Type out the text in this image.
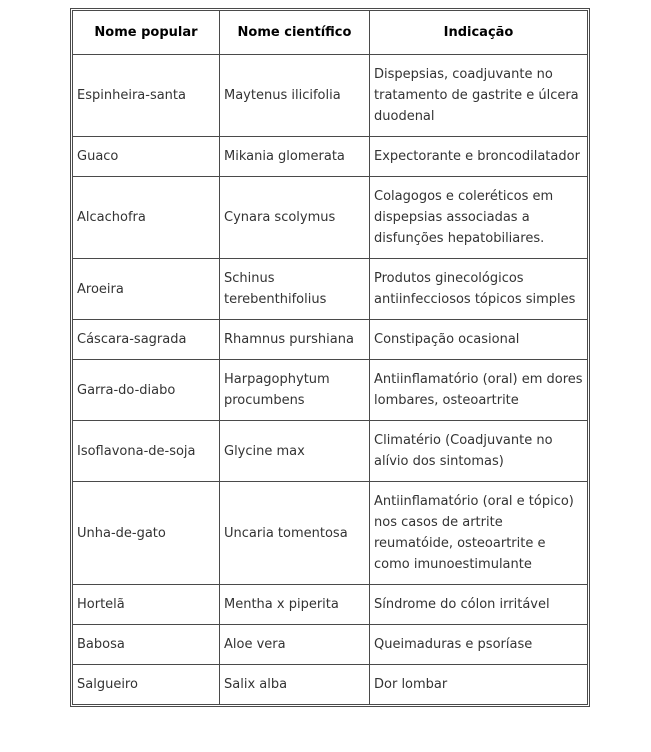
Nome popular	Nome científico	Indicação
Espinheira-santa	Maytenus ilicifolia	Dispepsias, coadjuvante no tratamento de gastrite e úlcera duodenal
Guaco	Mikania glomerata	Expectorante e broncodilatador
Alcachofra	Cynara scolymus	Colagogos e coleréticos em dispepsias associadas a disfunções hepatobiliares.
Aroeira	Schinus terebenthifolius	Produtos ginecológicos antiinfecciosos tópicos simples
Cáscara-sagrada	Rhamnus purshiana	Constipação ocasional
Garra-do-diabo	Harpagophytum procumbens	Antiinflamatório (oral) em dores lombares, osteoartrite
Isoflavona-de-soja	Glycine max	Climatério (Coadjuvante no alívio dos sintomas)
Unha-de-gato	Uncaria tomentosa	Antiinflamatório (oral e tópico) nos casos de artrite reumatóide, osteoartrite e como imunoestimulante
Hortelã	Mentha x piperita	Síndrome do cólon irritável
Babosa	Aloe vera	Queimaduras e psoríase
Salgueiro	Salix alba	Dor lombar
